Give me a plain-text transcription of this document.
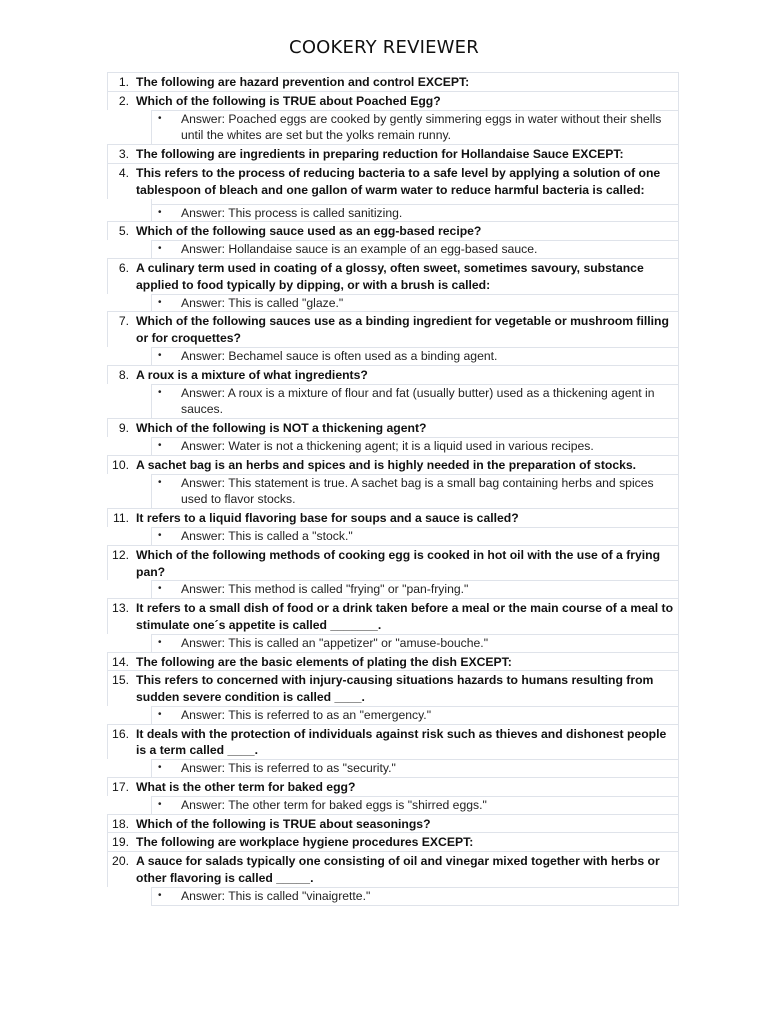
COOKERY REVIEWER
1. The following are hazard prevention and control EXCEPT:
2. Which of the following is TRUE about Poached Egg?
• Answer: Poached eggs are cooked by gently simmering eggs in water without their shells until the whites are set but the yolks remain runny.
3. The following are ingredients in preparing reduction for Hollandaise Sauce EXCEPT:
4. This refers to the process of reducing bacteria to a safe level by applying a solution of one tablespoon of bleach and one gallon of warm water to reduce harmful bacteria is called:
• Answer: This process is called sanitizing.
5. Which of the following sauce used as an egg-based recipe?
• Answer: Hollandaise sauce is an example of an egg-based sauce.
6. A culinary term used in coating of a glossy, often sweet, sometimes savoury, substance applied to food typically by dipping, or with a brush is called:
• Answer: This is called "glaze."
7. Which of the following sauces use as a binding ingredient for vegetable or mushroom filling or for croquettes?
• Answer: Bechamel sauce is often used as a binding agent.
8. A roux is a mixture of what ingredients?
• Answer: A roux is a mixture of flour and fat (usually butter) used as a thickening agent in sauces.
9. Which of the following is NOT a thickening agent?
• Answer: Water is not a thickening agent; it is a liquid used in various recipes.
10. A sachet bag is an herbs and spices and is highly needed in the preparation of stocks.
• Answer: This statement is true. A sachet bag is a small bag containing herbs and spices used to flavor stocks.
11. It refers to a liquid flavoring base for soups and a sauce is called?
• Answer: This is called a "stock."
12. Which of the following methods of cooking egg is cooked in hot oil with the use of a frying pan?
• Answer: This method is called "frying" or "pan-frying."
13. It refers to a small dish of food or a drink taken before a meal or the main course of a meal to stimulate one´s appetite is called _______.
• Answer: This is called an "appetizer" or "amuse-bouche."
14. The following are the basic elements of plating the dish EXCEPT:
15. This refers to concerned with injury-causing situations hazards to humans resulting from sudden severe condition is called ____.
• Answer: This is referred to as an "emergency."
16. It deals with the protection of individuals against risk such as thieves and dishonest people is a term called ____.
• Answer: This is referred to as "security."
17. What is the other term for baked egg?
• Answer: The other term for baked eggs is "shirred eggs."
18. Which of the following is TRUE about seasonings?
19. The following are workplace hygiene procedures EXCEPT:
20. A sauce for salads typically one consisting of oil and vinegar mixed together with herbs or other flavoring is called _____.
• Answer: This is called "vinaigrette."
